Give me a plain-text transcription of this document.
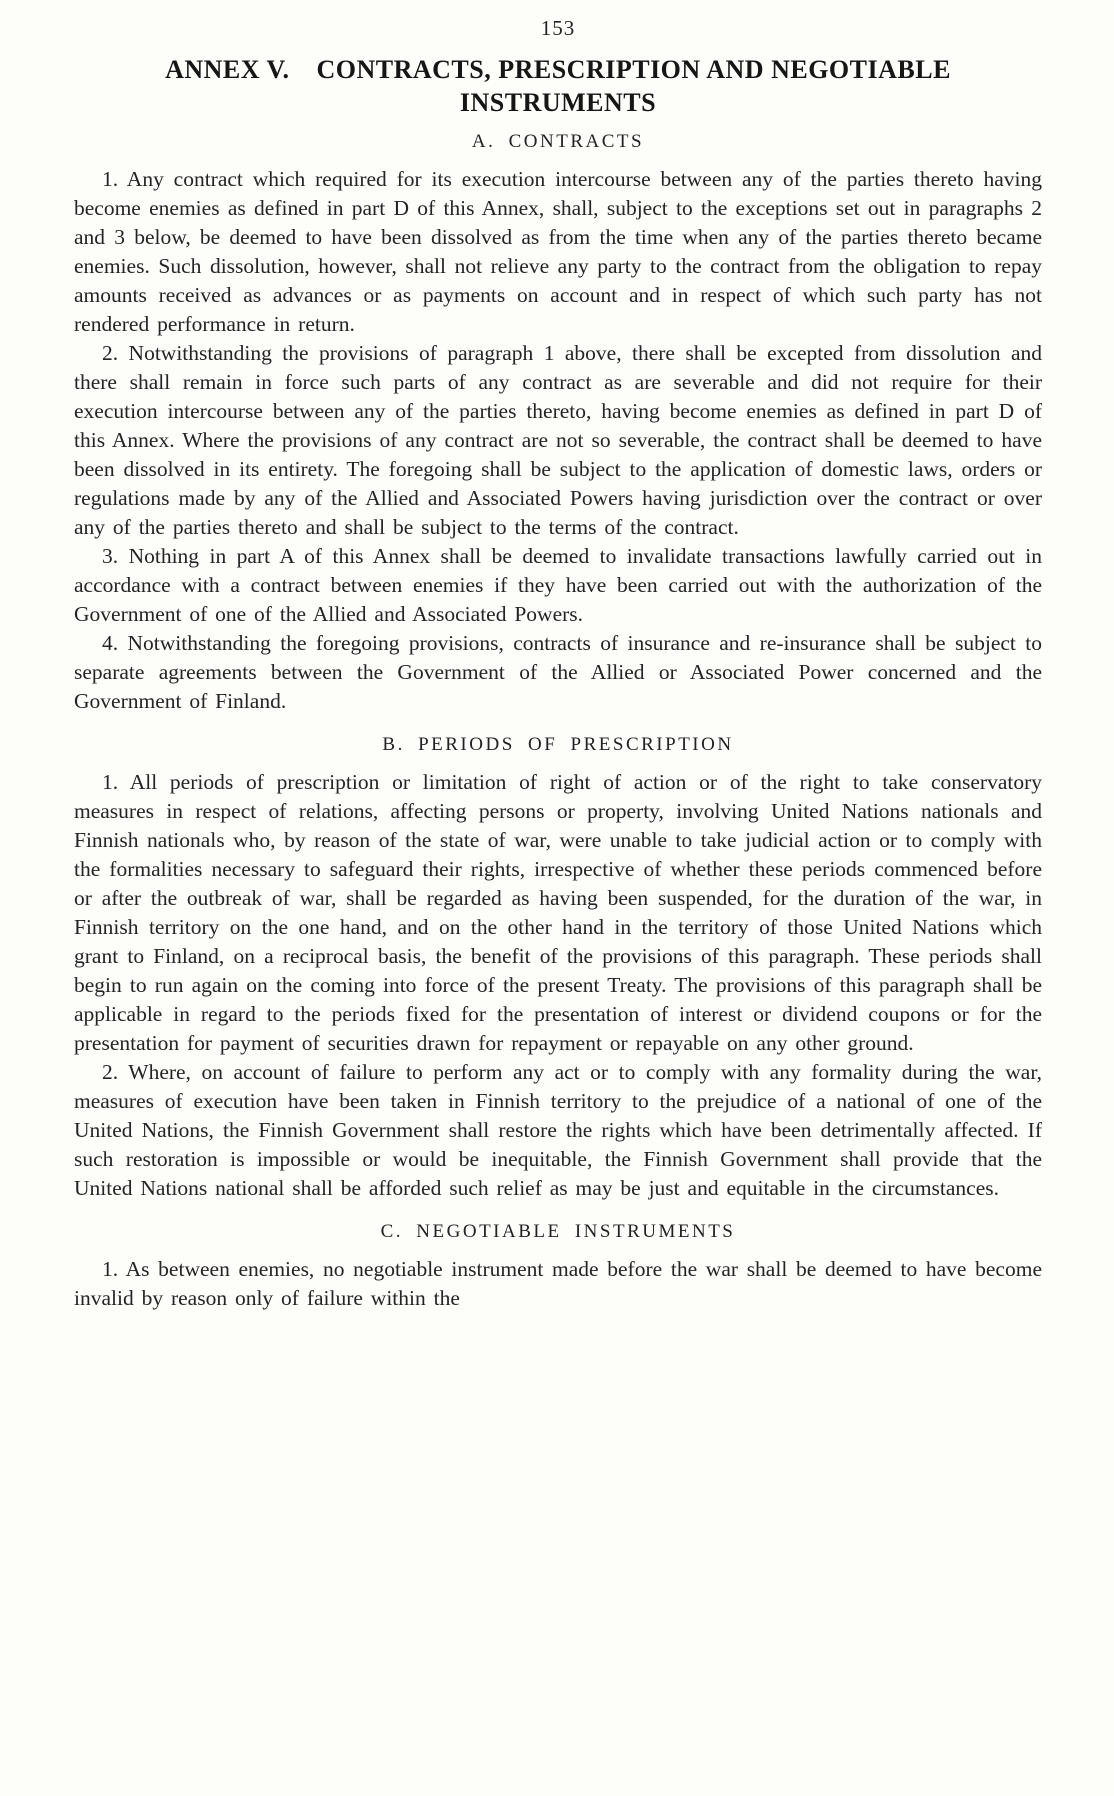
153
ANNEX V.  CONTRACTS, PRESCRIPTION AND NEGOTIABLE
INSTRUMENTS
A. CONTRACTS

1. Any contract which required for its execution intercourse between any of the parties thereto having become enemies as defined in part D of this Annex, shall, subject to the exceptions set out in paragraphs 2 and 3 below, be deemed to have been dissolved as from the time when any of the parties thereto became enemies. Such dissolution, however, shall not relieve any party to the contract from the obligation to repay amounts received as advances or as payments on account and in respect of which such party has not rendered performance in return.

2. Notwithstanding the provisions of paragraph 1 above, there shall be excepted from dissolution and there shall remain in force such parts of any contract as are severable and did not require for their execution intercourse between any of the parties thereto, having become enemies as defined in part D of this Annex. Where the provisions of any contract are not so severable, the contract shall be deemed to have been dissolved in its entirety. The foregoing shall be subject to the application of domestic laws, orders or regulations made by any of the Allied and Associated Powers having jurisdiction over the contract or over any of the parties thereto and shall be subject to the terms of the contract.

3. Nothing in part A of this Annex shall be deemed to invalidate transactions lawfully carried out in accordance with a contract between enemies if they have been carried out with the authorization of the Government of one of the Allied and Associated Powers.

4. Notwithstanding the foregoing provisions, contracts of insurance and re-insurance shall be subject to separate agreements between the Government of the Allied or Associated Power concerned and the Government of Finland.

B. PERIODS OF PRESCRIPTION

1. All periods of prescription or limitation of right of action or of the right to take conservatory measures in respect of relations, affecting persons or property, involving United Nations nationals and Finnish nationals who, by reason of the state of war, were unable to take judicial action or to comply with the formalities necessary to safeguard their rights, irrespective of whether these periods commenced before or after the outbreak of war, shall be regarded as having been suspended, for the duration of the war, in Finnish territory on the one hand, and on the other hand in the territory of those United Nations which grant to Finland, on a reciprocal basis, the benefit of the provisions of this paragraph. These periods shall begin to run again on the coming into force of the present Treaty. The provisions of this paragraph shall be applicable in regard to the periods fixed for the presentation of interest or dividend coupons or for the presentation for payment of securities drawn for repayment or repayable on any other ground.

2. Where, on account of failure to perform any act or to comply with any formality during the war, measures of execution have been taken in Finnish territory to the prejudice of a national of one of the United Nations, the Finnish Government shall restore the rights which have been detrimentally affected. If such restoration is impossible or would be inequitable, the Finnish Government shall provide that the United Nations national shall be afforded such relief as may be just and equitable in the circumstances.

C. NEGOTIABLE INSTRUMENTS

1. As between enemies, no negotiable instrument made before the war shall be deemed to have become invalid by reason only of failure within the
